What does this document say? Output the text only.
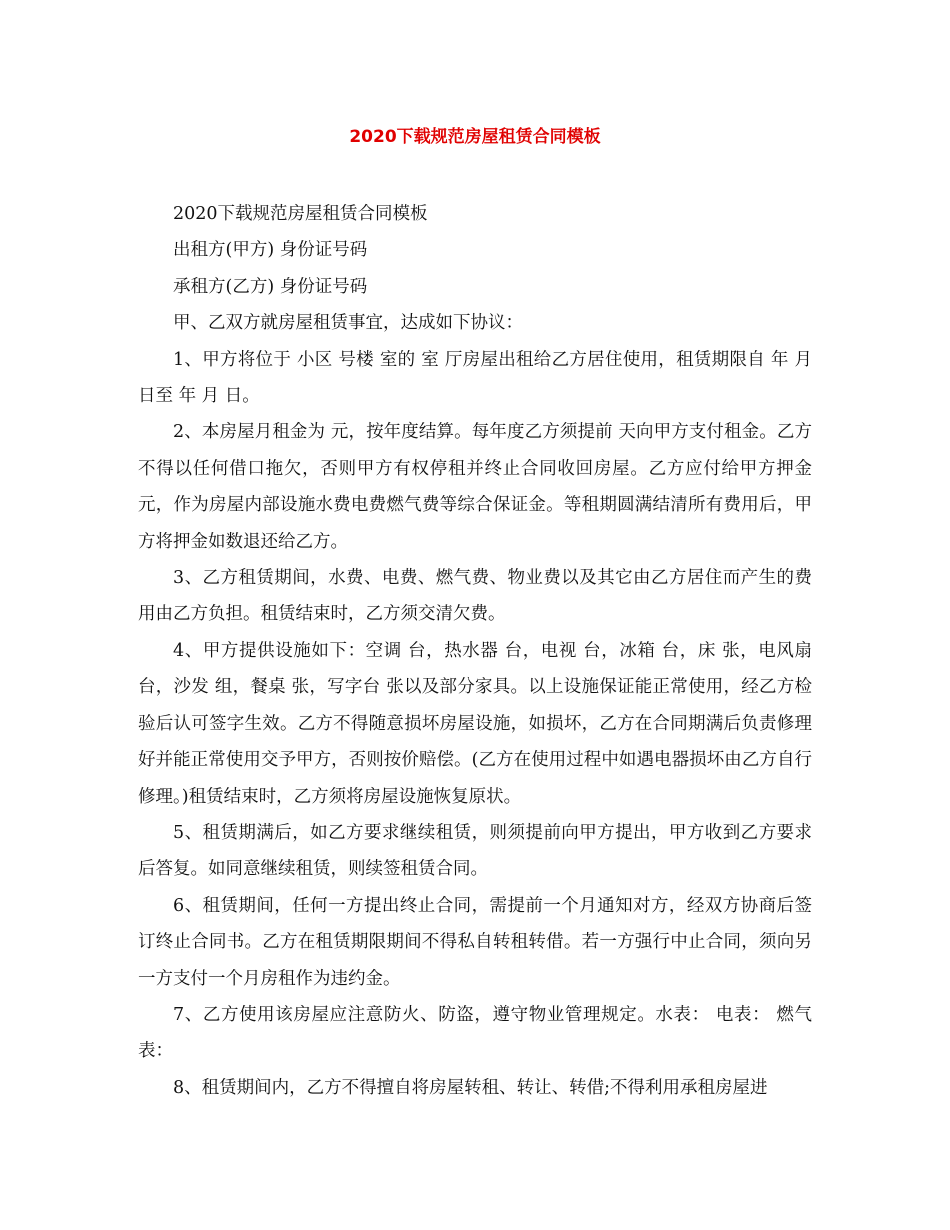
2020下载规范房屋租赁合同模板

2020下载规范房屋租赁合同模板

出租方(甲方) 身份证号码

承租方(乙方) 身份证号码

甲、乙双方就房屋租赁事宜，达成如下协议：

1、甲方将位于 小区 号楼 室的 室 厅房屋出租给乙方居住使用，租赁期限自 年 月 日至 年 月 日。

2、本房屋月租金为 元，按年度结算。每年度乙方须提前 天向甲方支付租金。乙方不得以任何借口拖欠，否则甲方有权停租并终止合同收回房屋。乙方应付给甲方押金 元，作为房屋内部设施水费电费燃气费等综合保证金。等租期圆满结清所有费用后，甲方将押金如数退还给乙方。

3、乙方租赁期间，水费、电费、燃气费、物业费以及其它由乙方居住而产生的费用由乙方负担。租赁结束时，乙方须交清欠费。

4、甲方提供设施如下：空调 台，热水器 台，电视 台，冰箱 台，床 张，电风扇 台，沙发 组，餐桌 张，写字台 张以及部分家具。以上设施保证能正常使用，经乙方检验后认可签字生效。乙方不得随意损坏房屋设施，如损坏，乙方在合同期满后负责修理好并能正常使用交予甲方，否则按价赔偿。(乙方在使用过程中如遇电器损坏由乙方自行修理。)租赁结束时，乙方须将房屋设施恢复原状。

5、租赁期满后，如乙方要求继续租赁，则须提前向甲方提出，甲方收到乙方要求后答复。如同意继续租赁，则续签租赁合同。

6、租赁期间，任何一方提出终止合同，需提前一个月通知对方，经双方协商后签订终止合同书。乙方在租赁期限期间不得私自转租转借。若一方强行中止合同，须向另一方支付一个月房租作为违约金。

7、乙方使用该房屋应注意防火、防盗，遵守物业管理规定。水表： 电表： 燃气表：

8、租赁期间内，乙方不得擅自将房屋转租、转让、转借;不得利用承租房屋进
